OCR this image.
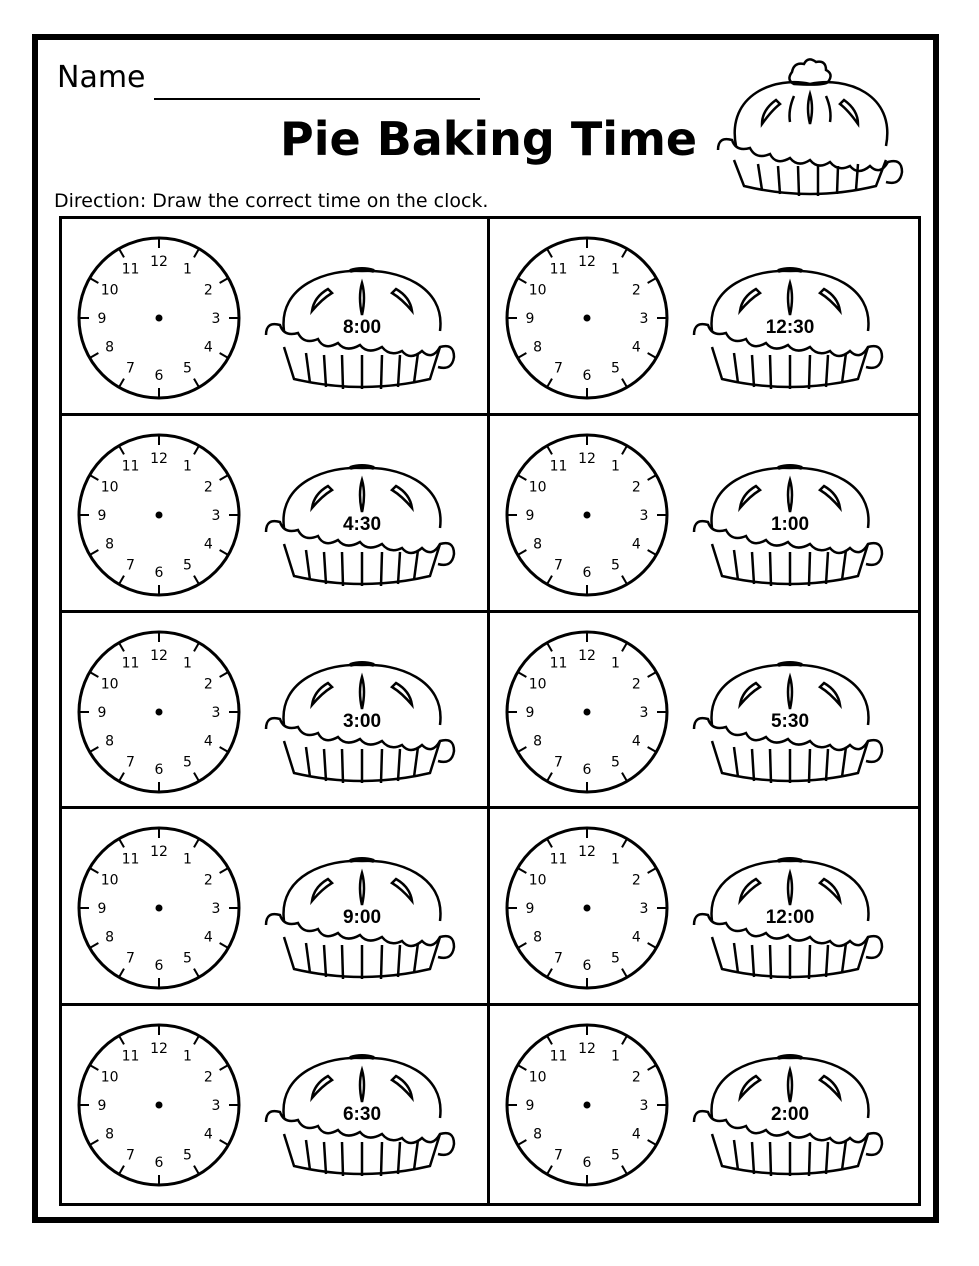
Name
Pie Baking Time
Direction: Draw the correct time on the clock.
12 1
2
3
4
5
6
7
8
9
10
11
8:00
12 1
2
3
4
5
6
7
8
9
10
11
12:30
12 1
2
3
4
5
6
7
8
9
10
11
4:30
12 1
2
3
4
5
6
7
8
9
10
11
1:00
12 1
2
3
4
5
6
7
8
9
10
11
3:00
12 1
2
3
4
5
6
7
8
9
10
11
5:30
12 1
2
3
4
5
6
7
8
9
10
11
9:00
12 1
2
3
4
5
6
7
8
9
10
11
12:00
12 1
2
3
4
5
6
7
8
9
10
11
6:30
12 1
2
3
4
5
6
7
8
9
10
11
2:00
